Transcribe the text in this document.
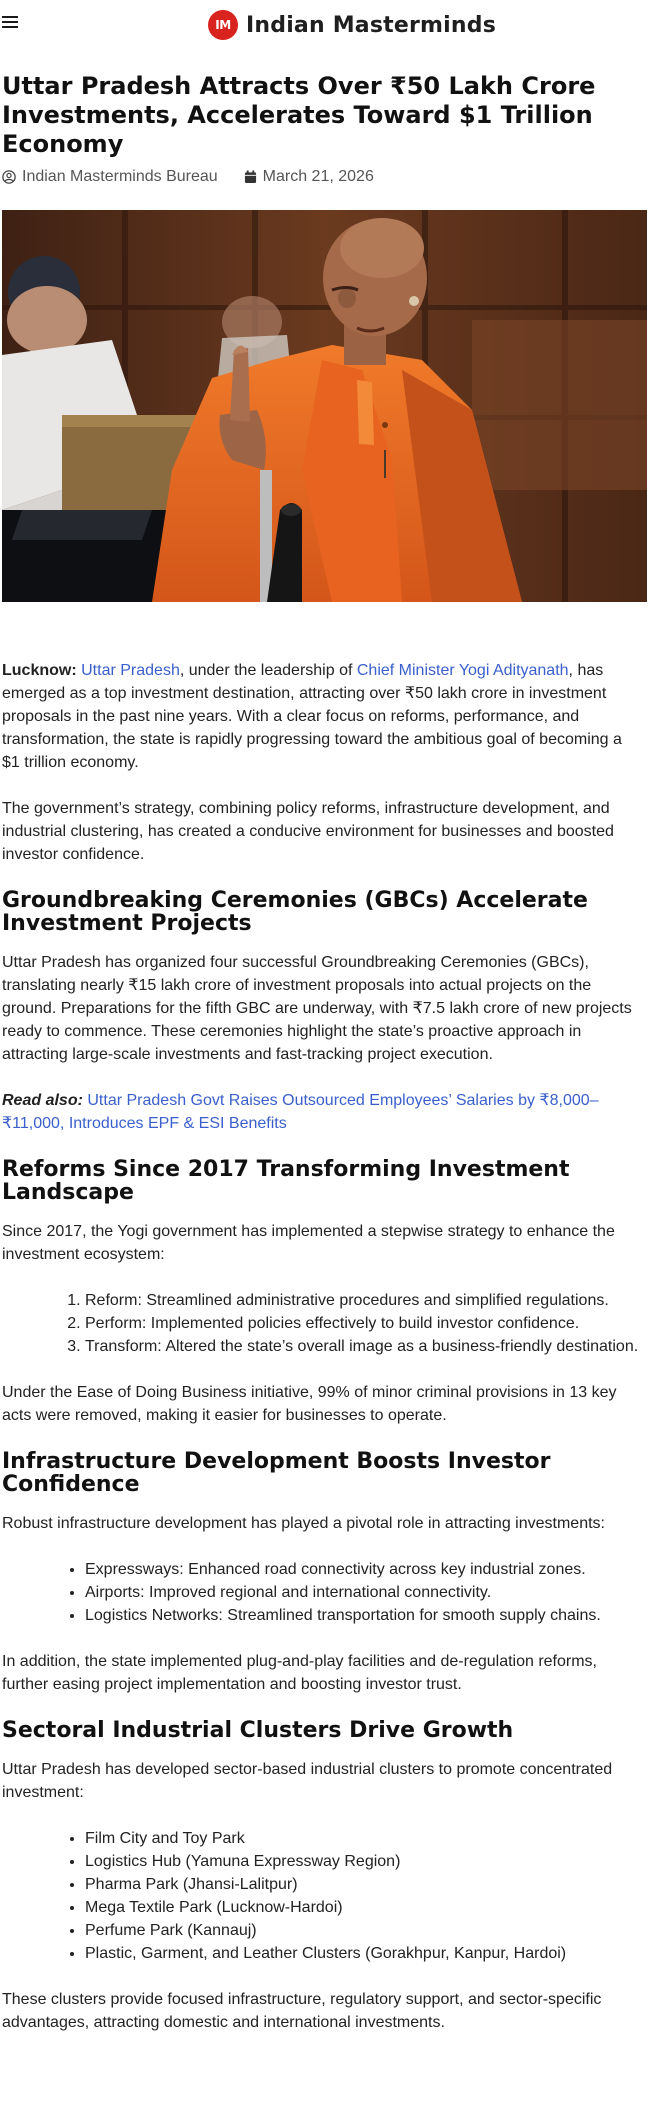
IM Indian Masterminds
Uttar Pradesh Attracts Over ₹50 Lakh Crore Investments, Accelerates Toward $1 Trillion Economy
Indian Masterminds Bureau	March 21, 2026

Lucknow: Uttar Pradesh, under the leadership of Chief Minister Yogi Adityanath, has emerged as a top investment destination, attracting over ₹50 lakh crore in investment proposals in the past nine years. With a clear focus on reforms, performance, and transformation, the state is rapidly progressing toward the ambitious goal of becoming a $1 trillion economy.

The government’s strategy, combining policy reforms, infrastructure development, and industrial clustering, has created a conducive environment for businesses and boosted investor confidence.

Groundbreaking Ceremonies (GBCs) Accelerate Investment Projects

Uttar Pradesh has organized four successful Groundbreaking Ceremonies (GBCs), translating nearly ₹15 lakh crore of investment proposals into actual projects on the ground. Preparations for the fifth GBC are underway, with ₹7.5 lakh crore of new projects ready to commence. These ceremonies highlight the state’s proactive approach in attracting large-scale investments and fast-tracking project execution.

Read also: Uttar Pradesh Govt Raises Outsourced Employees’ Salaries by ₹8,000–₹11,000, Introduces EPF & ESI Benefits

Reforms Since 2017 Transforming Investment Landscape

Since 2017, the Yogi government has implemented a stepwise strategy to enhance the investment ecosystem:

1. Reform: Streamlined administrative procedures and simplified regulations.
2. Perform: Implemented policies effectively to build investor confidence.
3. Transform: Altered the state’s overall image as a business-friendly destination.

Under the Ease of Doing Business initiative, 99% of minor criminal provisions in 13 key acts were removed, making it easier for businesses to operate.

Infrastructure Development Boosts Investor Confidence

Robust infrastructure development has played a pivotal role in attracting investments:

• Expressways: Enhanced road connectivity across key industrial zones.
• Airports: Improved regional and international connectivity.
• Logistics Networks: Streamlined transportation for smooth supply chains.

In addition, the state implemented plug-and-play facilities and de-regulation reforms, further easing project implementation and boosting investor trust.

Sectoral Industrial Clusters Drive Growth

Uttar Pradesh has developed sector-based industrial clusters to promote concentrated investment:

• Film City and Toy Park
• Logistics Hub (Yamuna Expressway Region)
• Pharma Park (Jhansi-Lalitpur)
• Mega Textile Park (Lucknow-Hardoi)
• Perfume Park (Kannauj)
• Plastic, Garment, and Leather Clusters (Gorakhpur, Kanpur, Hardoi)

These clusters provide focused infrastructure, regulatory support, and sector-specific advantages, attracting domestic and international investments.
